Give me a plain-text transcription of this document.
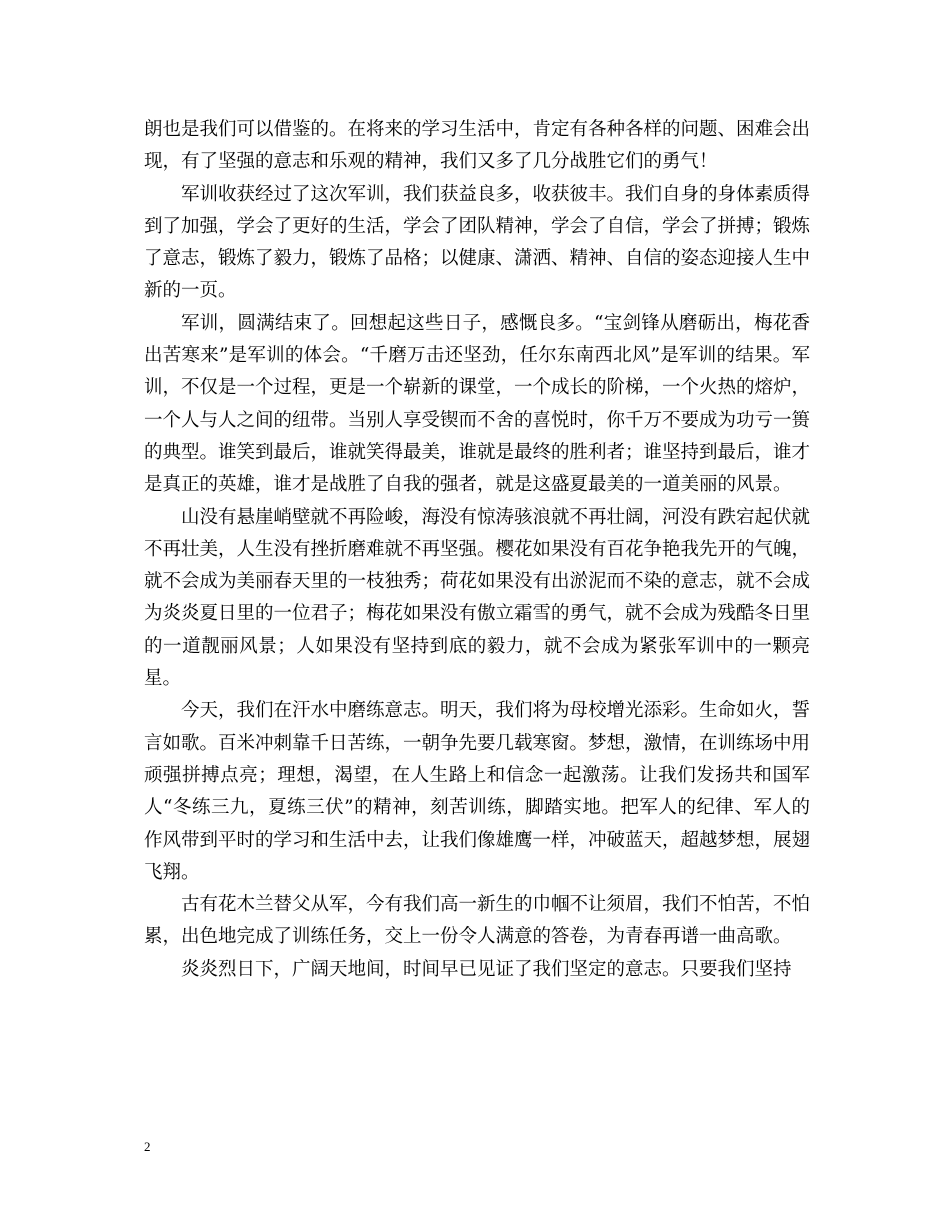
朗也是我们可以借鉴的。在将来的学习生活中，肯定有各种各样的问题、困难会出现，有了坚强的意志和乐观的精神，我们又多了几分战胜它们的勇气！

军训收获经过了这次军训，我们获益良多，收获彼丰。我们自身的身体素质得到了加强，学会了更好的生活，学会了团队精神，学会了自信，学会了拼搏；锻炼了意志，锻炼了毅力，锻炼了品格；以健康、潇洒、精神、自信的姿态迎接人生中新的一页。

军训，圆满结束了。回想起这些日子，感慨良多。“宝剑锋从磨砺出，梅花香出苦寒来”是军训的体会。“千磨万击还坚劲，任尔东南西北风”是军训的结果。军训，不仅是一个过程，更是一个崭新的课堂，一个成长的阶梯，一个火热的熔炉，一个人与人之间的纽带。当别人享受锲而不舍的喜悦时，你千万不要成为功亏一篑的典型。谁笑到最后，谁就笑得最美，谁就是最终的胜利者；谁坚持到最后，谁才是真正的英雄，谁才是战胜了自我的强者，就是这盛夏最美的一道美丽的风景。

山没有悬崖峭壁就不再险峻，海没有惊涛骇浪就不再壮阔，河没有跌宕起伏就不再壮美，人生没有挫折磨难就不再坚强。樱花如果没有百花争艳我先开的气魄，就不会成为美丽春天里的一枝独秀；荷花如果没有出淤泥而不染的意志，就不会成为炎炎夏日里的一位君子；梅花如果没有傲立霜雪的勇气，就不会成为残酷冬日里的一道靓丽风景；人如果没有坚持到底的毅力，就不会成为紧张军训中的一颗亮星。

今天，我们在汗水中磨练意志。明天，我们将为母校增光添彩。生命如火，誓言如歌。百米冲刺靠千日苦练，一朝争先要几载寒窗。梦想，激情，在训练场中用顽强拼搏点亮；理想，渴望，在人生路上和信念一起激荡。让我们发扬共和国军人“冬练三九，夏练三伏”的精神，刻苦训练，脚踏实地。把军人的纪律、军人的作风带到平时的学习和生活中去，让我们像雄鹰一样，冲破蓝天，超越梦想，展翅飞翔。

古有花木兰替父从军，今有我们高一新生的巾帼不让须眉，我们不怕苦，不怕累，出色地完成了训练任务，交上一份令人满意的答卷，为青春再谱一曲高歌。

炎炎烈日下，广阔天地间，时间早已见证了我们坚定的意志。只要我们坚持

2
